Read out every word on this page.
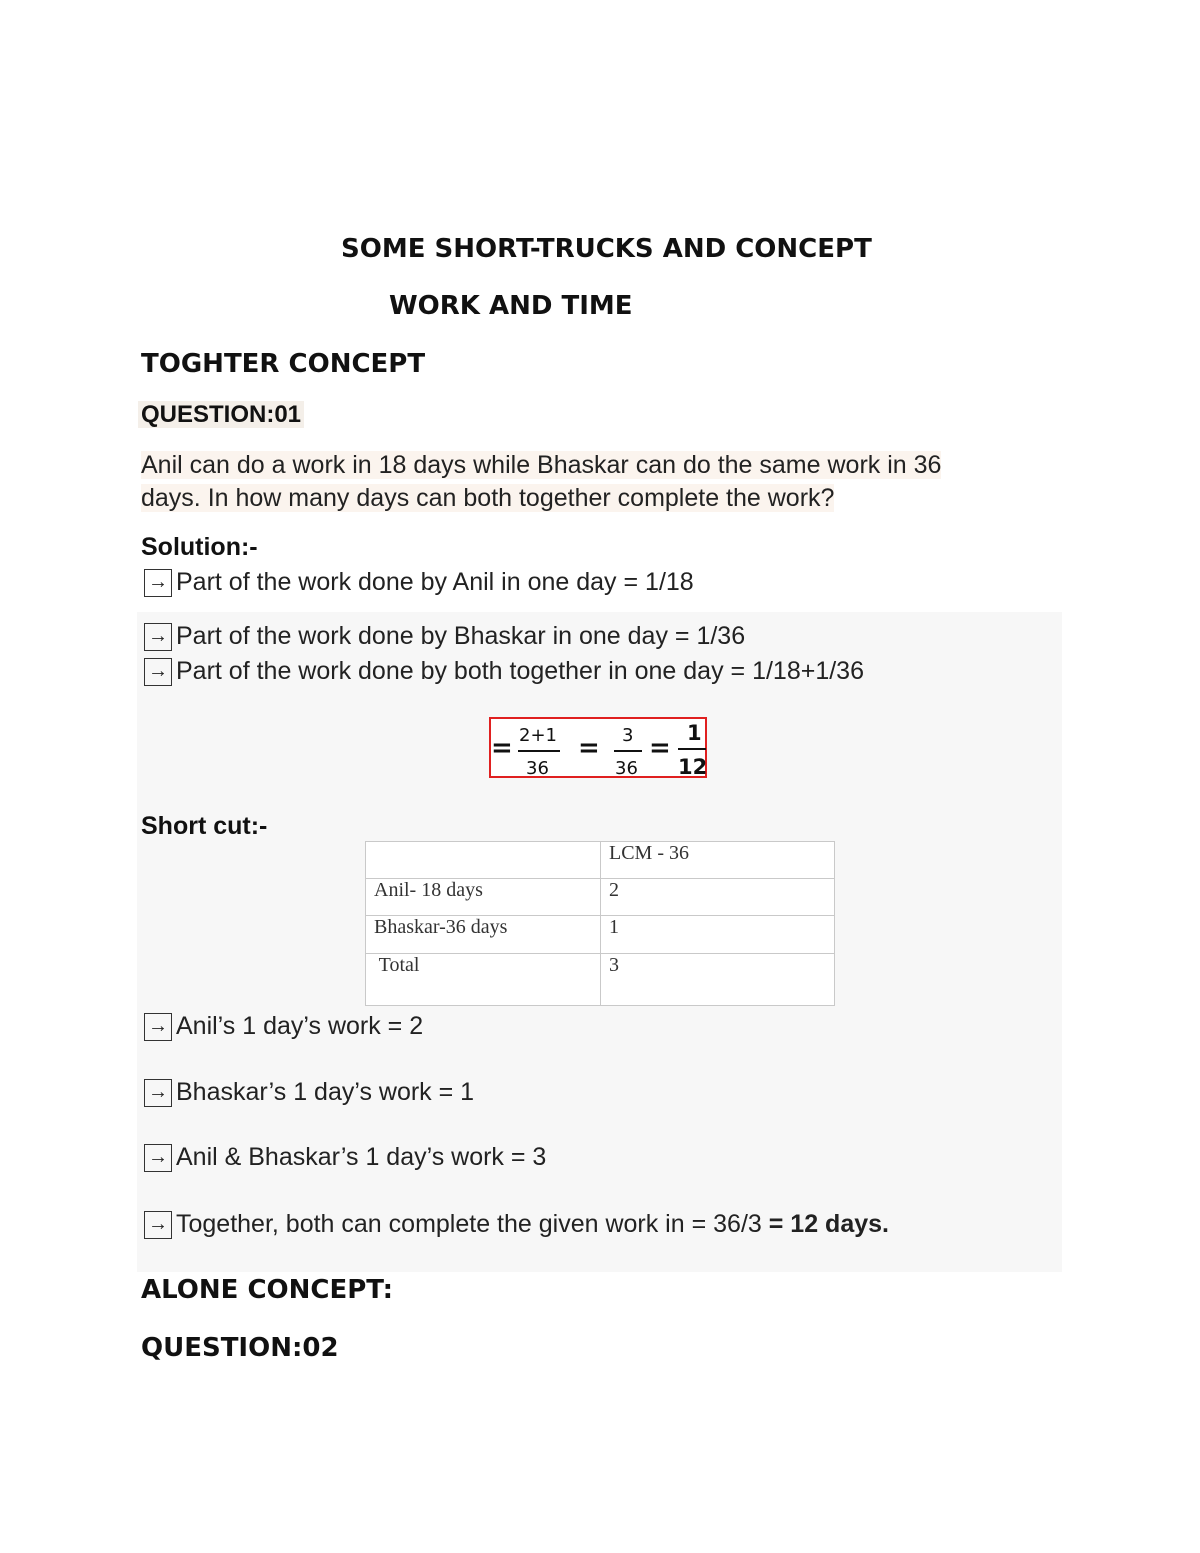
SOME SHORT-TRUCKS AND CONCEPT
WORK AND TIME
TOGHTER CONCEPT
QUESTION:01
Anil can do a work in 18 days while Bhaskar can do the same work in 36
days. In how many days can both together complete the work?
Solution:-
→ Part of the work done by Anil in one day = 1/18
→ Part of the work done by Bhaskar in one day = 1/36
→ Part of the work done by both together in one day = 1/18+1/36
= 2+1
36
= 3
36
= 1
12
Short cut:-
	LCM - 36
Anil- 18 days	2
Bhaskar-36 days	1
Total	3
→ Anil’s 1 day’s work = 2
→ Bhaskar’s 1 day’s work = 1
→ Anil & Bhaskar’s 1 day’s work = 3
→ Together, both can complete the given work in = 36/3 = 12 days.
ALONE CONCEPT:
QUESTION:02
